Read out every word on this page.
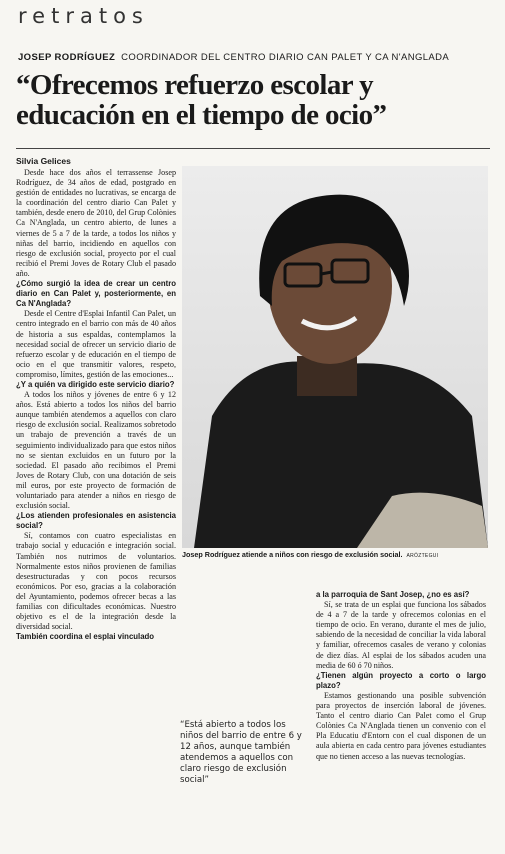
retratos
JOSEP RODRÍGUEZ COORDINADOR DEL CENTRO DIARIO CAN PALET Y CA N'ANGLADA
“Ofrecemos refuerzo escolar y educación en el tiempo de ocio”
Silvia Gelices

Desde hace dos años el terrassense Josep Rodríguez, de 34 años de edad, postgrado en gestión de entidades no lucrativas, se encarga de la coordinación del centro diario Can Palet y también, desde enero de 2010, del Grup Colònies Ca N'Anglada, un centro abierto, de lunes a viernes de 5 a 7 de la tarde, a todos los niños y niñas del barrio, incidiendo en aquellos con riesgo de exclusión social, proyecto por el cual recibió el Premi Joves de Rotary Club el pasado año.

¿Cómo surgió la idea de crear un centro diario en Can Palet y, posteriormente, en Ca N'Anglada?

Desde el Centre d'Esplai Infantil Can Palet, un centro integrado en el barrio con más de 40 años de historia a sus espaldas, contemplamos la necesidad social de ofrecer un servicio diario de refuerzo escolar y de educación en el tiempo de ocio en el que transmitir valores, respeto, compromiso, límites, gestión de las emociones...

¿Y a quién va dirigido este servicio diario?

A todos los niños y jóvenes de entre 6 y 12 años. Está abierto a todos los niños del barrio aunque también atendemos a aquellos con claro riesgo de exclusión social. Realizamos sobretodo un trabajo de prevención a través de un seguimiento individualizado para que estos niños no se sientan excluidos en un futuro por la sociedad. El pasado año recibimos el Premi Joves de Rotary Club, con una dotación de seis mil euros, por este proyecto de formación de voluntariado para atender a niños en riesgo de exclusión social.

¿Los atienden profesionales en asistencia social?

Sí, contamos con cuatro especialistas en trabajo social y educación e integración social. También nos nutrimos de voluntarios. Normalmente estos niños provienen de familias desestructuradas y con pocos recursos económicos. Por eso, gracias a la colaboración del Ayuntamiento, podemos ofrecer becas a las familias con dificultades económicas. Nuestro objetivo es el de la integración desde la diversidad social.

También coordina el esplai vinculado

Josep Rodríguez atiende a niños con riesgo de exclusión social. ARÓZTEGUI
“Está abierto a todos los niños del barrio de entre 6 y 12 años, aunque también atendemos a aquellos con claro riesgo de exclusión social”

a la parroquia de Sant Josep, ¿no es así?

Sí, se trata de un esplai que funciona los sábados de 4 a 7 de la tarde y ofrecemos colonias en el tiempo de ocio. En verano, durante el mes de julio, sabiendo de la necesidad de conciliar la vida laboral y familiar, ofrecemos casales de verano y colonias de diez días. Al esplai de los sábados acuden una media de 60 ó 70 niños.

¿Tienen algún proyecto a corto o largo plazo?

Estamos gestionando una posible subvención para proyectos de inserción laboral de jóvenes. Tanto el centro diario Can Palet como el Grup Colònies Ca N'Anglada tienen un convenio con el Pla Educatiu d'Entorn con el cual disponen de un aula abierta en cada centro para jóvenes estudiantes que no tienen acceso a las nuevas tecnologías.
